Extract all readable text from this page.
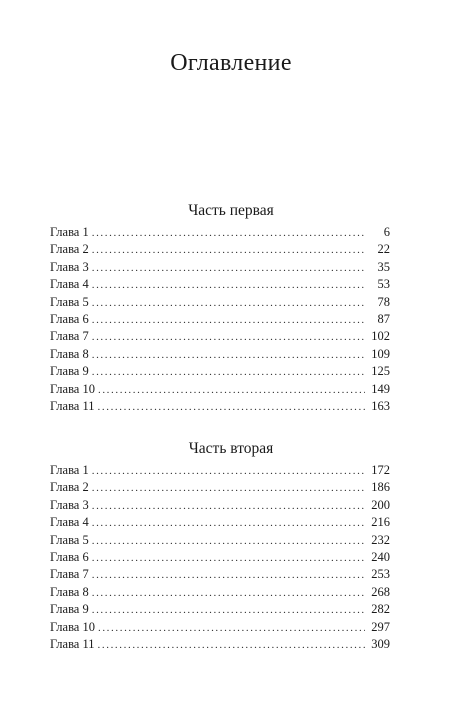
Оглавление
Часть первая
Глава 1 .....	6
Глава 2 .....	22
Глава 3 .....	35
Глава 4 .....	53
Глава 5 .....	78
Глава 6 .....	87
Глава 7 .....	102
Глава 8 .....	109
Глава 9 .....	125
Глава 10 .....	149
Глава 11 .....	163
Часть вторая
Глава 1 .....	172
Глава 2 .....	186
Глава 3 .....	200
Глава 4 .....	216
Глава 5 .....	232
Глава 6 .....	240
Глава 7 .....	253
Глава 8 .....	268
Глава 9 .....	282
Глава 10 .....	297
Глава 11 .....	309
